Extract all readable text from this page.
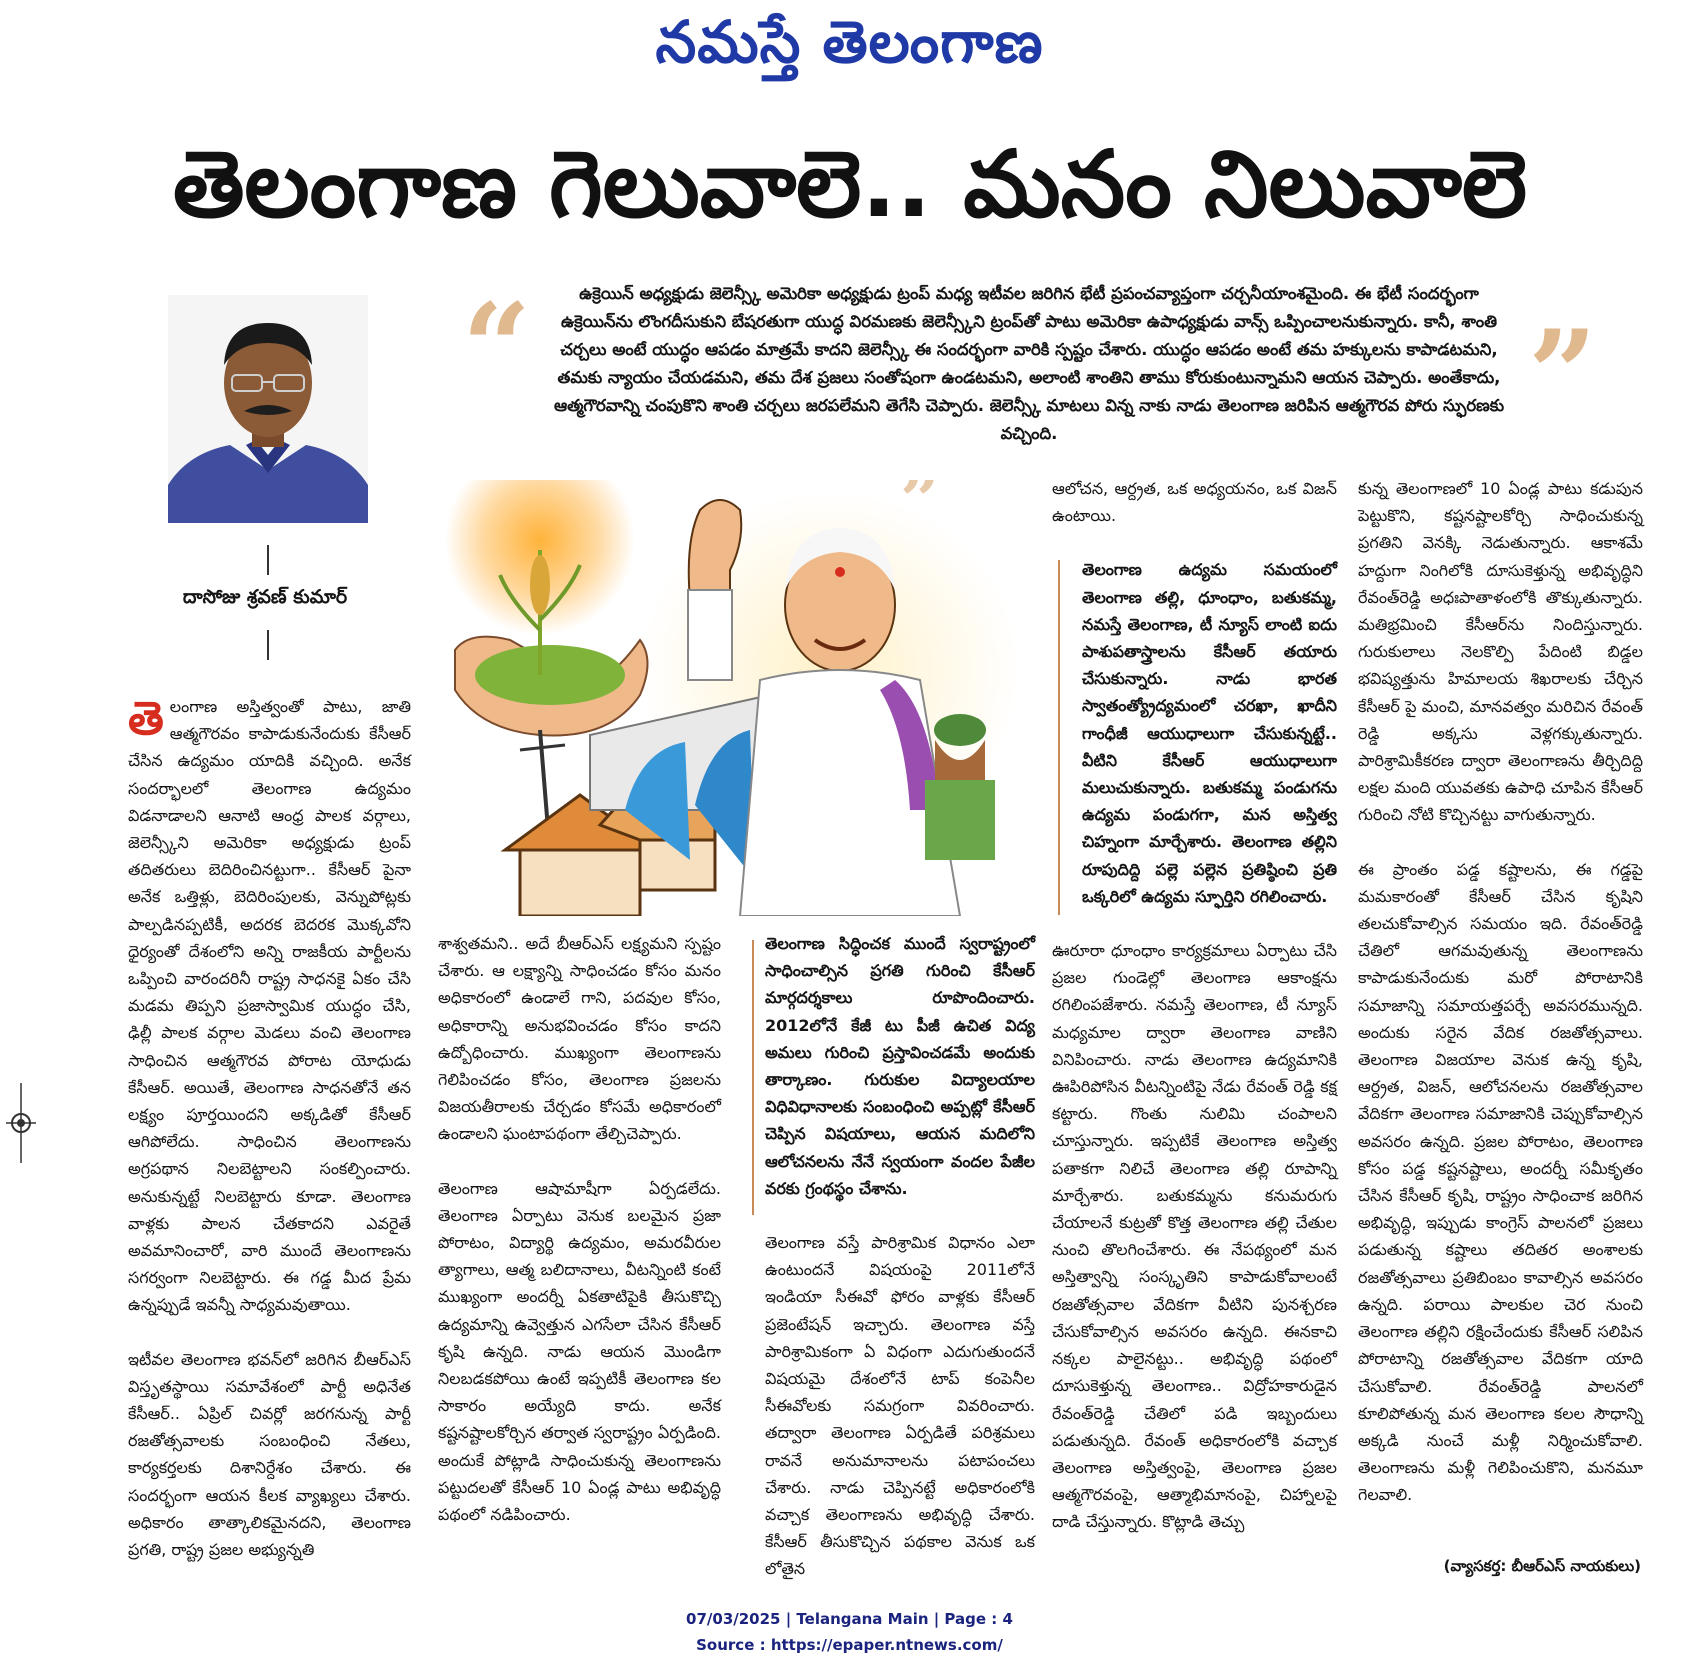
నమస్తే తెలంగాణ
తెలంగాణ గెలువాలె.. మనం నిలువాలె
“	”
ఉక్రెయిన్ అధ్యక్షుడు జెలెన్స్కీ అమెరికా అధ్యక్షుడు ట్రంప్ మధ్య ఇటీవల జరిగిన భేటీ ప్రపంచవ్యాప్తంగా చర్చనీయాంశమైంది. ఈ భేటీ సందర్భంగా ఉక్రెయిన్‌ను లొంగదీసుకుని బేషరతుగా యుద్ధ విరమణకు జెలెన్స్కీని ట్రంప్‌తో పాటు అమెరికా ఉపాధ్యక్షుడు వాన్స్ ఒప్పించాలనుకున్నారు. కానీ, శాంతి చర్చలు అంటే యుద్ధం ఆపడం మాత్రమే కాదని జెలెన్స్కీ ఈ సందర్భంగా వారికి స్పష్టం చేశారు. యుద్ధం ఆపడం అంటే తమ హక్కులను కాపాడటమని, తమకు న్యాయం చేయడమని, తమ దేశ ప్రజలు సంతోషంగా ఉండటమని, అలాంటి శాంతిని తాము కోరుకుంటున్నామని ఆయన చెప్పారు. అంతేకాదు, ఆత్మగౌరవాన్ని చంపుకొని శాంతి చర్చలు జరపలేమని తెగేసి చెప్పారు. జెలెన్స్కీ మాటలు విన్న నాకు నాడు తెలంగాణ జరిపిన ఆత్మగౌరవ పోరు స్ఫురణకు వచ్చింది.
దాసోజు శ్రవణ్ కుమార్
”

తెలంగాణ అస్తిత్వంతో పాటు, జాతి ఆత్మగౌరవం కాపాడుకునేందుకు కేసీఆర్ చేసిన ఉద్యమం యాదికి వచ్చింది. అనేక సందర్భాలలో తెలంగాణ ఉద్యమం విడనాడాలని ఆనాటి ఆంధ్ర పాలక వర్గాలు, జెలెన్స్కీని అమెరికా అధ్యక్షుడు ట్రంప్ తదితరులు బెదిరించినట్టుగా.. కేసీఆర్ పైనా అనేక ఒత్తిళ్లు, బెదిరింపులకు, వెన్నుపోట్లకు పాల్పడినప్పటికీ, అదరక బెదరక మొక్కవోని ధైర్యంతో దేశంలోని అన్ని రాజకీయ పార్టీలను ఒప్పించి వారందరినీ రాష్ట్ర సాధనకై ఏకం చేసి మడమ తిప్పని ప్రజాస్వామిక యుద్ధం చేసి, ఢిల్లీ పాలక వర్గాల మెడలు వంచి తెలంగాణ సాధించిన ఆత్మగౌరవ పోరాట యోధుడు కేసీఆర్. అయితే, తెలంగాణ సాధనతోనే తన లక్ష్యం పూర్తయిందని అక్కడితో కేసీఆర్ ఆగిపోలేదు. సాధించిన తెలంగాణను అగ్రపథాన నిలబెట్టాలని సంకల్పించారు. అనుకున్నట్టే నిలబెట్టారు కూడా. తెలంగాణ వాళ్లకు పాలన చేతకాదని ఎవరైతే అవమానించారో, వారి ముందే తెలంగాణను సగర్వంగా నిలబెట్టారు. ఈ గడ్డ మీద ప్రేమ ఉన్నప్పుడే ఇవన్నీ సాధ్యమవుతాయి.

ఇటీవల తెలంగాణ భవన్‌లో జరిగిన బీఆర్ఎస్ విస్తృతస్థాయి సమావేశంలో పార్టీ అధినేత కేసీఆర్.. ఏప్రిల్ చివర్లో జరగనున్న పార్టీ రజతోత్సవాలకు సంబంధించి నేతలు, కార్యకర్తలకు దిశానిర్దేశం చేశారు. ఈ సందర్భంగా ఆయన కీలక వ్యాఖ్యలు చేశారు. అధికారం తాత్కాలికమైనదని, తెలంగాణ ప్రగతి, రాష్ట్ర ప్రజల అభ్యున్నతి

శాశ్వతమని.. అదే బీఆర్ఎస్ లక్ష్యమని స్పష్టం చేశారు. ఆ లక్ష్యాన్ని సాధించడం కోసం మనం అధికారంలో ఉండాలే గాని, పదవుల కోసం, అధికారాన్ని అనుభవించడం కోసం కాదని ఉద్బోధించారు. ముఖ్యంగా తెలంగాణను గెలిపించడం కోసం, తెలంగాణ ప్రజలను విజయతీరాలకు చేర్చడం కోసమే అధికారంలో ఉండాలని ఘంటాపథంగా తేల్చిచెప్పారు.

తెలంగాణ ఆషామాషీగా ఏర్పడలేదు. తెలంగాణ ఏర్పాటు వెనుక బలమైన ప్రజా పోరాటం, విద్యార్థి ఉద్యమం, అమరవీరుల త్యాగాలు, ఆత్మ బలిదానాలు, వీటన్నింటి కంటే ముఖ్యంగా అందర్నీ ఏకతాటిపైకి తీసుకొచ్చి ఉద్యమాన్ని ఉవ్వెత్తున ఎగసేలా చేసిన కేసీఆర్ కృషి ఉన్నది. నాడు ఆయన మొండిగా నిలబడకపోయి ఉంటే ఇప్పటికీ తెలంగాణ కల సాకారం అయ్యేది కాదు. అనేక కష్టనష్టాలకోర్చిన తర్వాత స్వరాష్ట్రం ఏర్పడింది. అందుకే పోట్లాడి సాధించుకున్న తెలంగాణను పట్టుదలతో కేసీఆర్ 10 ఏండ్ల పాటు అభివృద్ధి పథంలో నడిపించారు.

తెలంగాణ సిద్ధించక ముందే స్వరాష్ట్రంలో సాధించాల్సిన ప్రగతి గురించి కేసీఆర్ మార్గదర్శకాలు రూపొందించారు. 2012లోనే కేజీ టు పీజీ ఉచిత విద్య అమలు గురించి ప్రస్తావించడమే అందుకు తార్కాణం. గురుకుల విద్యాలయాల విధివిధానాలకు సంబంధించి అప్పట్లో కేసీఆర్ చెప్పిన విషయాలు, ఆయన మదిలోని ఆలోచనలను నేనే స్వయంగా వందల పేజీల వరకు గ్రంథస్థం చేశాను.

తెలంగాణ వస్తే పారిశ్రామిక విధానం ఎలా ఉంటుందనే విషయంపై 2011లోనే ఇండియా సీఈవో ఫోరం వాళ్లకు కేసీఆర్ ప్రజెంటేషన్ ఇచ్చారు. తెలంగాణ వస్తే పారిశ్రామికంగా ఏ విధంగా ఎదుగుతుందనే విషయమై దేశంలోనే టాప్ కంపెనీల సీఈవోలకు సమగ్రంగా వివరించారు. తద్వారా తెలంగాణ ఏర్పడితే పరిశ్రమలు రావనే అనుమానాలను పటాపంచలు చేశారు. నాడు చెప్పినట్టే అధికారంలోకి వచ్చాక తెలంగాణను అభివృద్ధి చేశారు. కేసీఆర్ తీసుకొచ్చిన పథకాల వెనుక ఒక లోతైన

ఆలోచన, ఆర్ద్రత, ఒక అధ్యయనం, ఒక విజన్ ఉంటాయి.

తెలంగాణ ఉద్యమ సమయంలో తెలంగాణ తల్లి, ధూంధాం, బతుకమ్మ, నమస్తే తెలంగాణ, టీ న్యూస్ లాంటి ఐదు పాశుపతాస్త్రాలను కేసీఆర్ తయారు చేసుకున్నారు. నాడు భారత స్వాతంత్య్రోద్యమంలో చరఖా, ఖాదీని గాంధీజీ ఆయుధాలుగా చేసుకున్నట్టే.. వీటిని కేసీఆర్ ఆయుధాలుగా మలుచుకున్నారు. బతుకమ్మ పండుగను ఉద్యమ పండుగగా, మన అస్తిత్వ చిహ్నంగా మార్చేశారు. తెలంగాణ తల్లిని రూపుదిద్ది పల్లె పల్లెన ప్రతిష్ఠించి ప్రతి ఒక్కరిలో ఉద్యమ స్ఫూర్తిని రగిలించారు.

ఊరూరా ధూంధాం కార్యక్రమాలు ఏర్పాటు చేసి ప్రజల గుండెల్లో తెలంగాణ ఆకాంక్షను రగిలింపజేశారు. నమస్తే తెలంగాణ, టీ న్యూస్ మధ్యమాల ద్వారా తెలంగాణ వాణిని వినిపించారు. నాడు తెలంగాణ ఉద్యమానికి ఊపిరిపోసిన వీటన్నింటిపై నేడు రేవంత్ రెడ్డి కక్ష కట్టారు. గొంతు నులిమి చంపాలని చూస్తున్నారు. ఇప్పటికే తెలంగాణ అస్తిత్వ పతాకగా నిలిచే తెలంగాణ తల్లి రూపాన్ని మార్చేశారు. బతుకమ్మను కనుమరుగు చేయాలనే కుట్రతో కొత్త తెలంగాణ తల్లి చేతుల నుంచి తొలగించేశారు. ఈ నేపథ్యంలో మన అస్తిత్వాన్ని సంస్కృతిని కాపాడుకోవాలంటే రజతోత్సవాల వేదికగా వీటిని పునశ్చరణ చేసుకోవాల్సిన అవసరం ఉన్నది. ఈనకాచి నక్కల పాలైనట్టు.. అభివృద్ధి పథంలో దూసుకెళ్తున్న తెలంగాణ.. విద్రోహకారుడైన రేవంత్‌రెడ్డి చేతిలో పడి ఇబ్బందులు పడుతున్నది. రేవంత్ అధికారంలోకి వచ్చాక తెలంగాణ అస్తిత్వంపై, తెలంగాణ ప్రజల ఆత్మగౌరవంపై, ఆత్మాభిమానంపై, చిహ్నాలపై దాడి చేస్తున్నారు. కొట్లాడి తెచ్చు

కున్న తెలంగాణలో 10 ఏండ్ల పాటు కడుపున పెట్టుకొని, కష్టనష్టాలకోర్చి సాధించుకున్న ప్రగతిని వెనక్కి నెడుతున్నారు. ఆకాశమే హద్దుగా నింగిలోకి దూసుకెళ్తున్న అభివృద్ధిని రేవంత్‌రెడ్డి అధఃపాతాళంలోకి తొక్కుతున్నారు. మతిభ్రమించి కేసీఆర్‌ను నిందిస్తున్నారు. గురుకులాలు నెలకొల్పి పేదింటి బిడ్డల భవిష్యత్తును హిమాలయ శిఖరాలకు చేర్చిన కేసీఆర్ పై మంచి, మానవత్వం మరిచిన రేవంత్ రెడ్డి అక్కసు వెళ్లగక్కుతున్నారు. పారిశ్రామికీకరణ ద్వారా తెలంగాణను తీర్చిదిద్ది లక్షల మంది యువతకు ఉపాధి చూపిన కేసీఆర్ గురించి నోటి కొచ్చినట్టు వాగుతున్నారు.

ఈ ప్రాంతం పడ్డ కష్టాలను, ఈ గడ్డపై మమకారంతో కేసీఆర్ చేసిన కృషిని తలచుకోవాల్సిన సమయం ఇది. రేవంత్‌రెడ్డి చేతిలో ఆగమవుతున్న తెలంగాణను కాపాడుకునేందుకు మరో పోరాటానికి సమాజాన్ని సమాయత్తపర్చే అవసరమున్నది. అందుకు సరైన వేదిక రజతోత్సవాలు. తెలంగాణ విజయాల వెనుక ఉన్న కృషి, ఆర్ద్రత, విజన్, ఆలోచనలను రజతోత్సవాల వేదికగా తెలంగాణ సమాజానికి చెప్పుకోవాల్సిన అవసరం ఉన్నది. ప్రజల పోరాటం, తెలంగాణ కోసం పడ్డ కష్టనష్టాలు, అందర్నీ సమీకృతం చేసిన కేసీఆర్ కృషి, రాష్ట్రం సాధించాక జరిగిన అభివృద్ధి, ఇప్పుడు కాంగ్రెస్ పాలనలో ప్రజలు పడుతున్న కష్టాలు తదితర అంశాలకు రజతోత్సవాలు ప్రతిబింబం కావాల్సిన అవసరం ఉన్నది. పరాయి పాలకుల చెర నుంచి తెలంగాణ తల్లిని రక్షించేందుకు కేసీఆర్ సలిపిన పోరాటాన్ని రజతోత్సవాల వేదికగా యాది చేసుకోవాలి. రేవంత్‌రెడ్డి పాలనలో కూలిపోతున్న మన తెలంగాణ కలల సౌధాన్ని అక్కడి నుంచే మళ్లీ నిర్మించుకోవాలి. తెలంగాణను మళ్లీ గెలిపించుకొని, మనమూ గెలవాలి.

(వ్యాసకర్త: బీఆర్ఎస్ నాయకులు)
07/03/2025 | Telangana Main | Page : 4
Source : https://epaper.ntnews.com/
